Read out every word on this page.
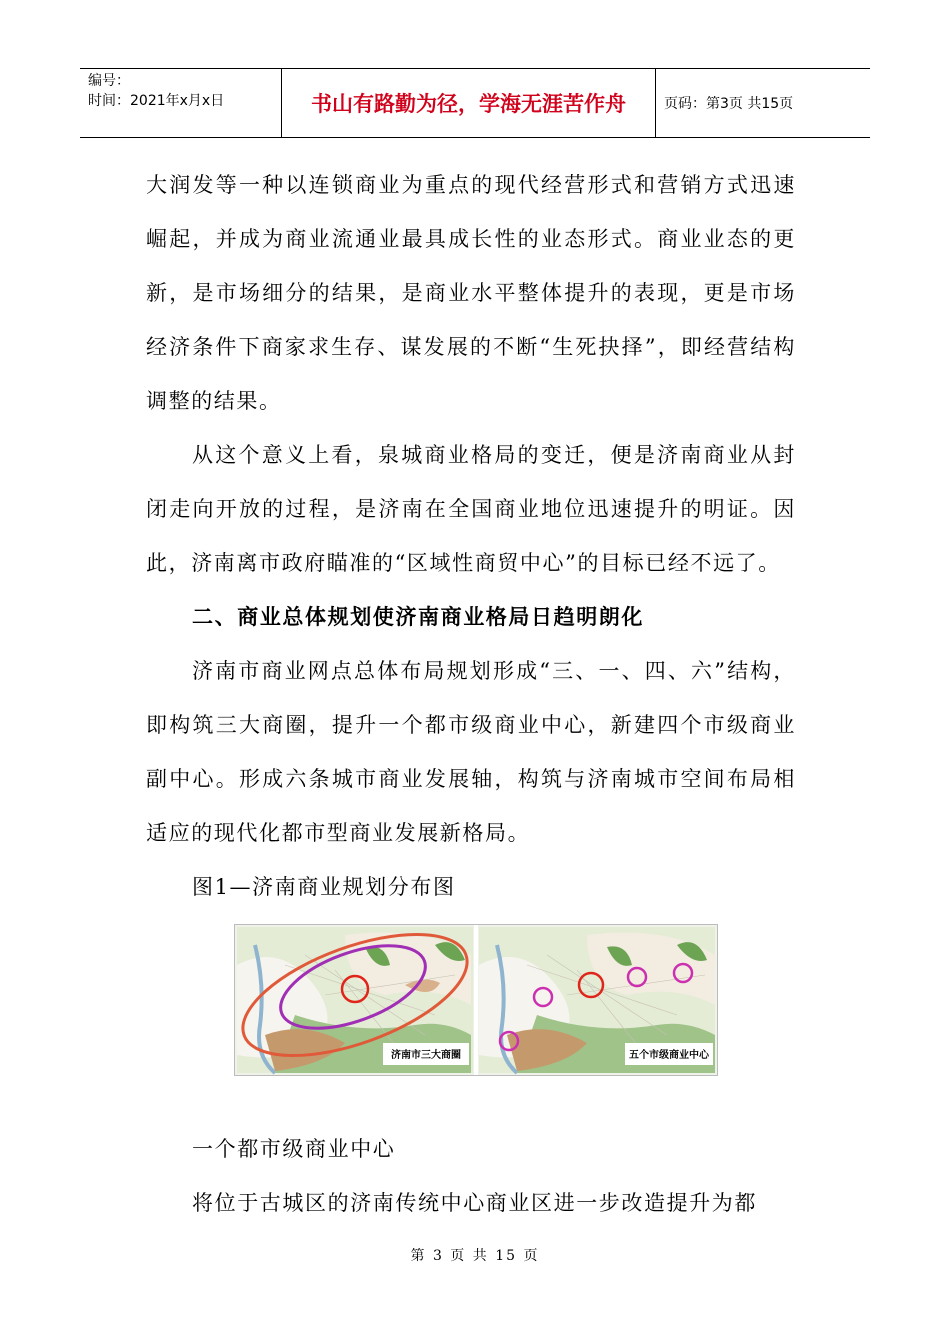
编号：
时间：2021年x月x日	书山有路勤为径，学海无涯苦作舟	页码：第3页 共15页

大润发等一种以连锁商业为重点的现代经营形式和营销方式迅速崛起，并成为商业流通业最具成长性的业态形式。商业业态的更新，是市场细分的结果，是商业水平整体提升的表现，更是市场经济条件下商家求生存、谋发展的不断“生死抉择”，即经营结构调整的结果。

从这个意义上看，泉城商业格局的变迁，便是济南商业从封闭走向开放的过程，是济南在全国商业地位迅速提升的明证。因此，济南离市政府瞄准的“区域性商贸中心”的目标已经不远了。

二、商业总体规划使济南商业格局日趋明朗化

济南市商业网点总体布局规划形成“三、一、四、六”结构，即构筑三大商圈，提升一个都市级商业中心，新建四个市级商业副中心。形成六条城市商业发展轴，构筑与济南城市空间布局相适应的现代化都市型商业发展新格局。

图1—济南商业规划分布图

济南市三大商圈	五个市级商业中心

一个都市级商业中心

将位于古城区的济南传统中心商业区进一步改造提升为都

第 3 页 共 15 页
